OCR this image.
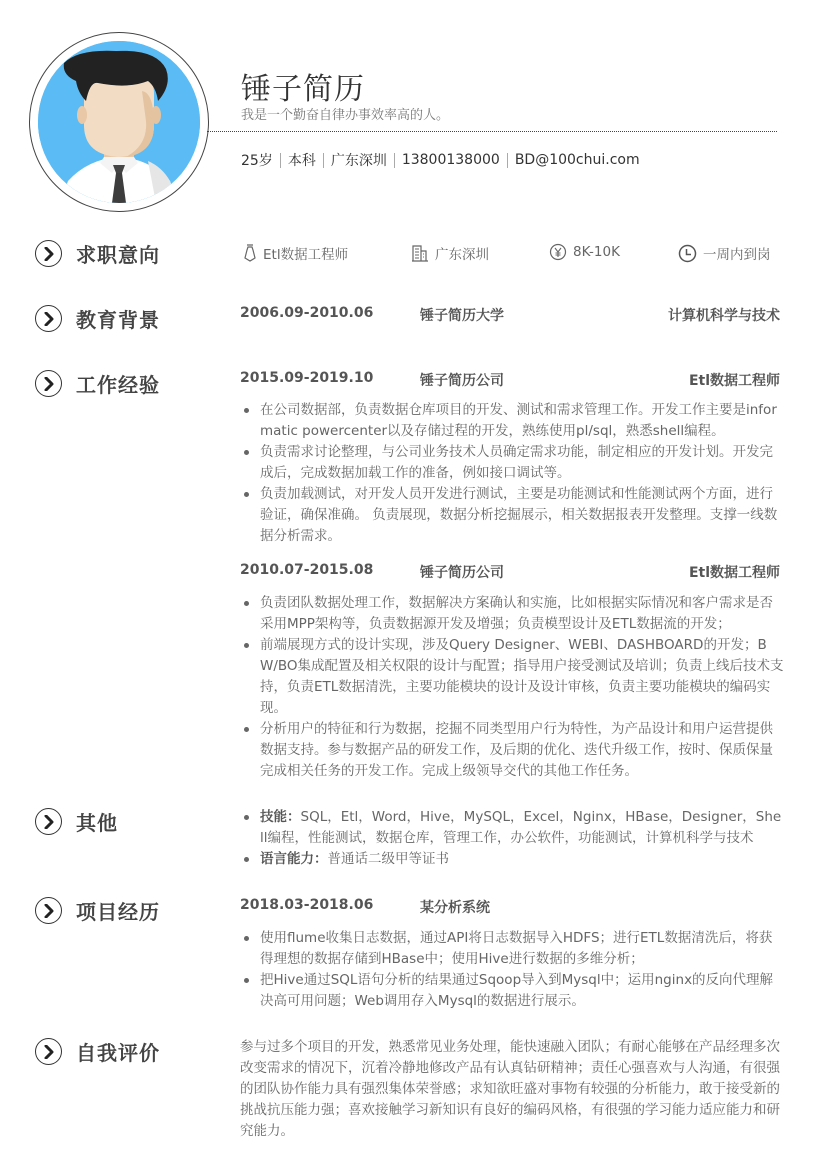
锤子简历
我是一个勤奋自律办事效率高的人。
25岁 本科 广东深圳 13800138000 BD@100chui.com
求职意向	Etl数据工程师	广东深圳	8K-10K	一周内到岗
教育背景	2006.09-2010.06	锤子简历大学	计算机科学与技术
工作经验	2015.09-2019.10	锤子简历公司	Etl数据工程师
在公司数据部，负责数据仓库项目的开发、测试和需求管理工作。开发工作主要是informatic powercenter以及存储过程的开发，熟练使用pl/sql，熟悉shell编程。
负责需求讨论整理，与公司业务技术人员确定需求功能，制定相应的开发计划。开发完成后，完成数据加载工作的准备，例如接口调试等。
负责加载测试，对开发人员开发进行测试，主要是功能测试和性能测试两个方面，进行验证，确保准确。 负责展现，数据分析挖掘展示，相关数据报表开发整理。支撑一线数据分析需求。
2010.07-2015.08	锤子简历公司	Etl数据工程师
负责团队数据处理工作，数据解决方案确认和实施，比如根据实际情况和客户需求是否采用MPP架构等，负责数据源开发及增强；负责模型设计及ETL数据流的开发；
前端展现方式的设计实现，涉及Query Designer、WEBI、DASHBOARD的开发；BW/BO集成配置及相关权限的设计与配置；指导用户接受测试及培训；负责上线后技术支持，负责ETL数据清洗，主要功能模块的设计及设计审核，负责主要功能模块的编码实现。
分析用户的特征和行为数据，挖掘不同类型用户行为特性，为产品设计和用户运营提供数据支持。参与数据产品的研发工作，及后期的优化、迭代升级工作，按时、保质保量完成相关任务的开发工作。完成上级领导交代的其他工作任务。
其他	技能：SQL，Etl，Word，Hive，MySQL，Excel，Nginx，HBase，Designer，Shell编程，性能测试，数据仓库，管理工作，办公软件，功能测试，计算机科学与技术
语言能力：普通话二级甲等证书
项目经历	2018.03-2018.06	某分析系统
使用flume收集日志数据，通过API将日志数据导入HDFS；进行ETL数据清洗后，将获得理想的数据存储到HBase中；使用Hive进行数据的多维分析；
把Hive通过SQL语句分析的结果通过Sqoop导入到Mysql中；运用nginx的反向代理解决高可用问题；Web调用存入Mysql的数据进行展示。
自我评价	参与过多个项目的开发，熟悉常见业务处理，能快速融入团队；有耐心能够在产品经理多次改变需求的情况下，沉着冷静地修改产品有认真钻研精神；责任心强喜欢与人沟通，有很强的团队协作能力具有强烈集体荣誉感；求知欲旺盛对事物有较强的分析能力，敢于接受新的挑战抗压能力强；喜欢接触学习新知识有良好的编码风格，有很强的学习能力适应能力和研究能力。
